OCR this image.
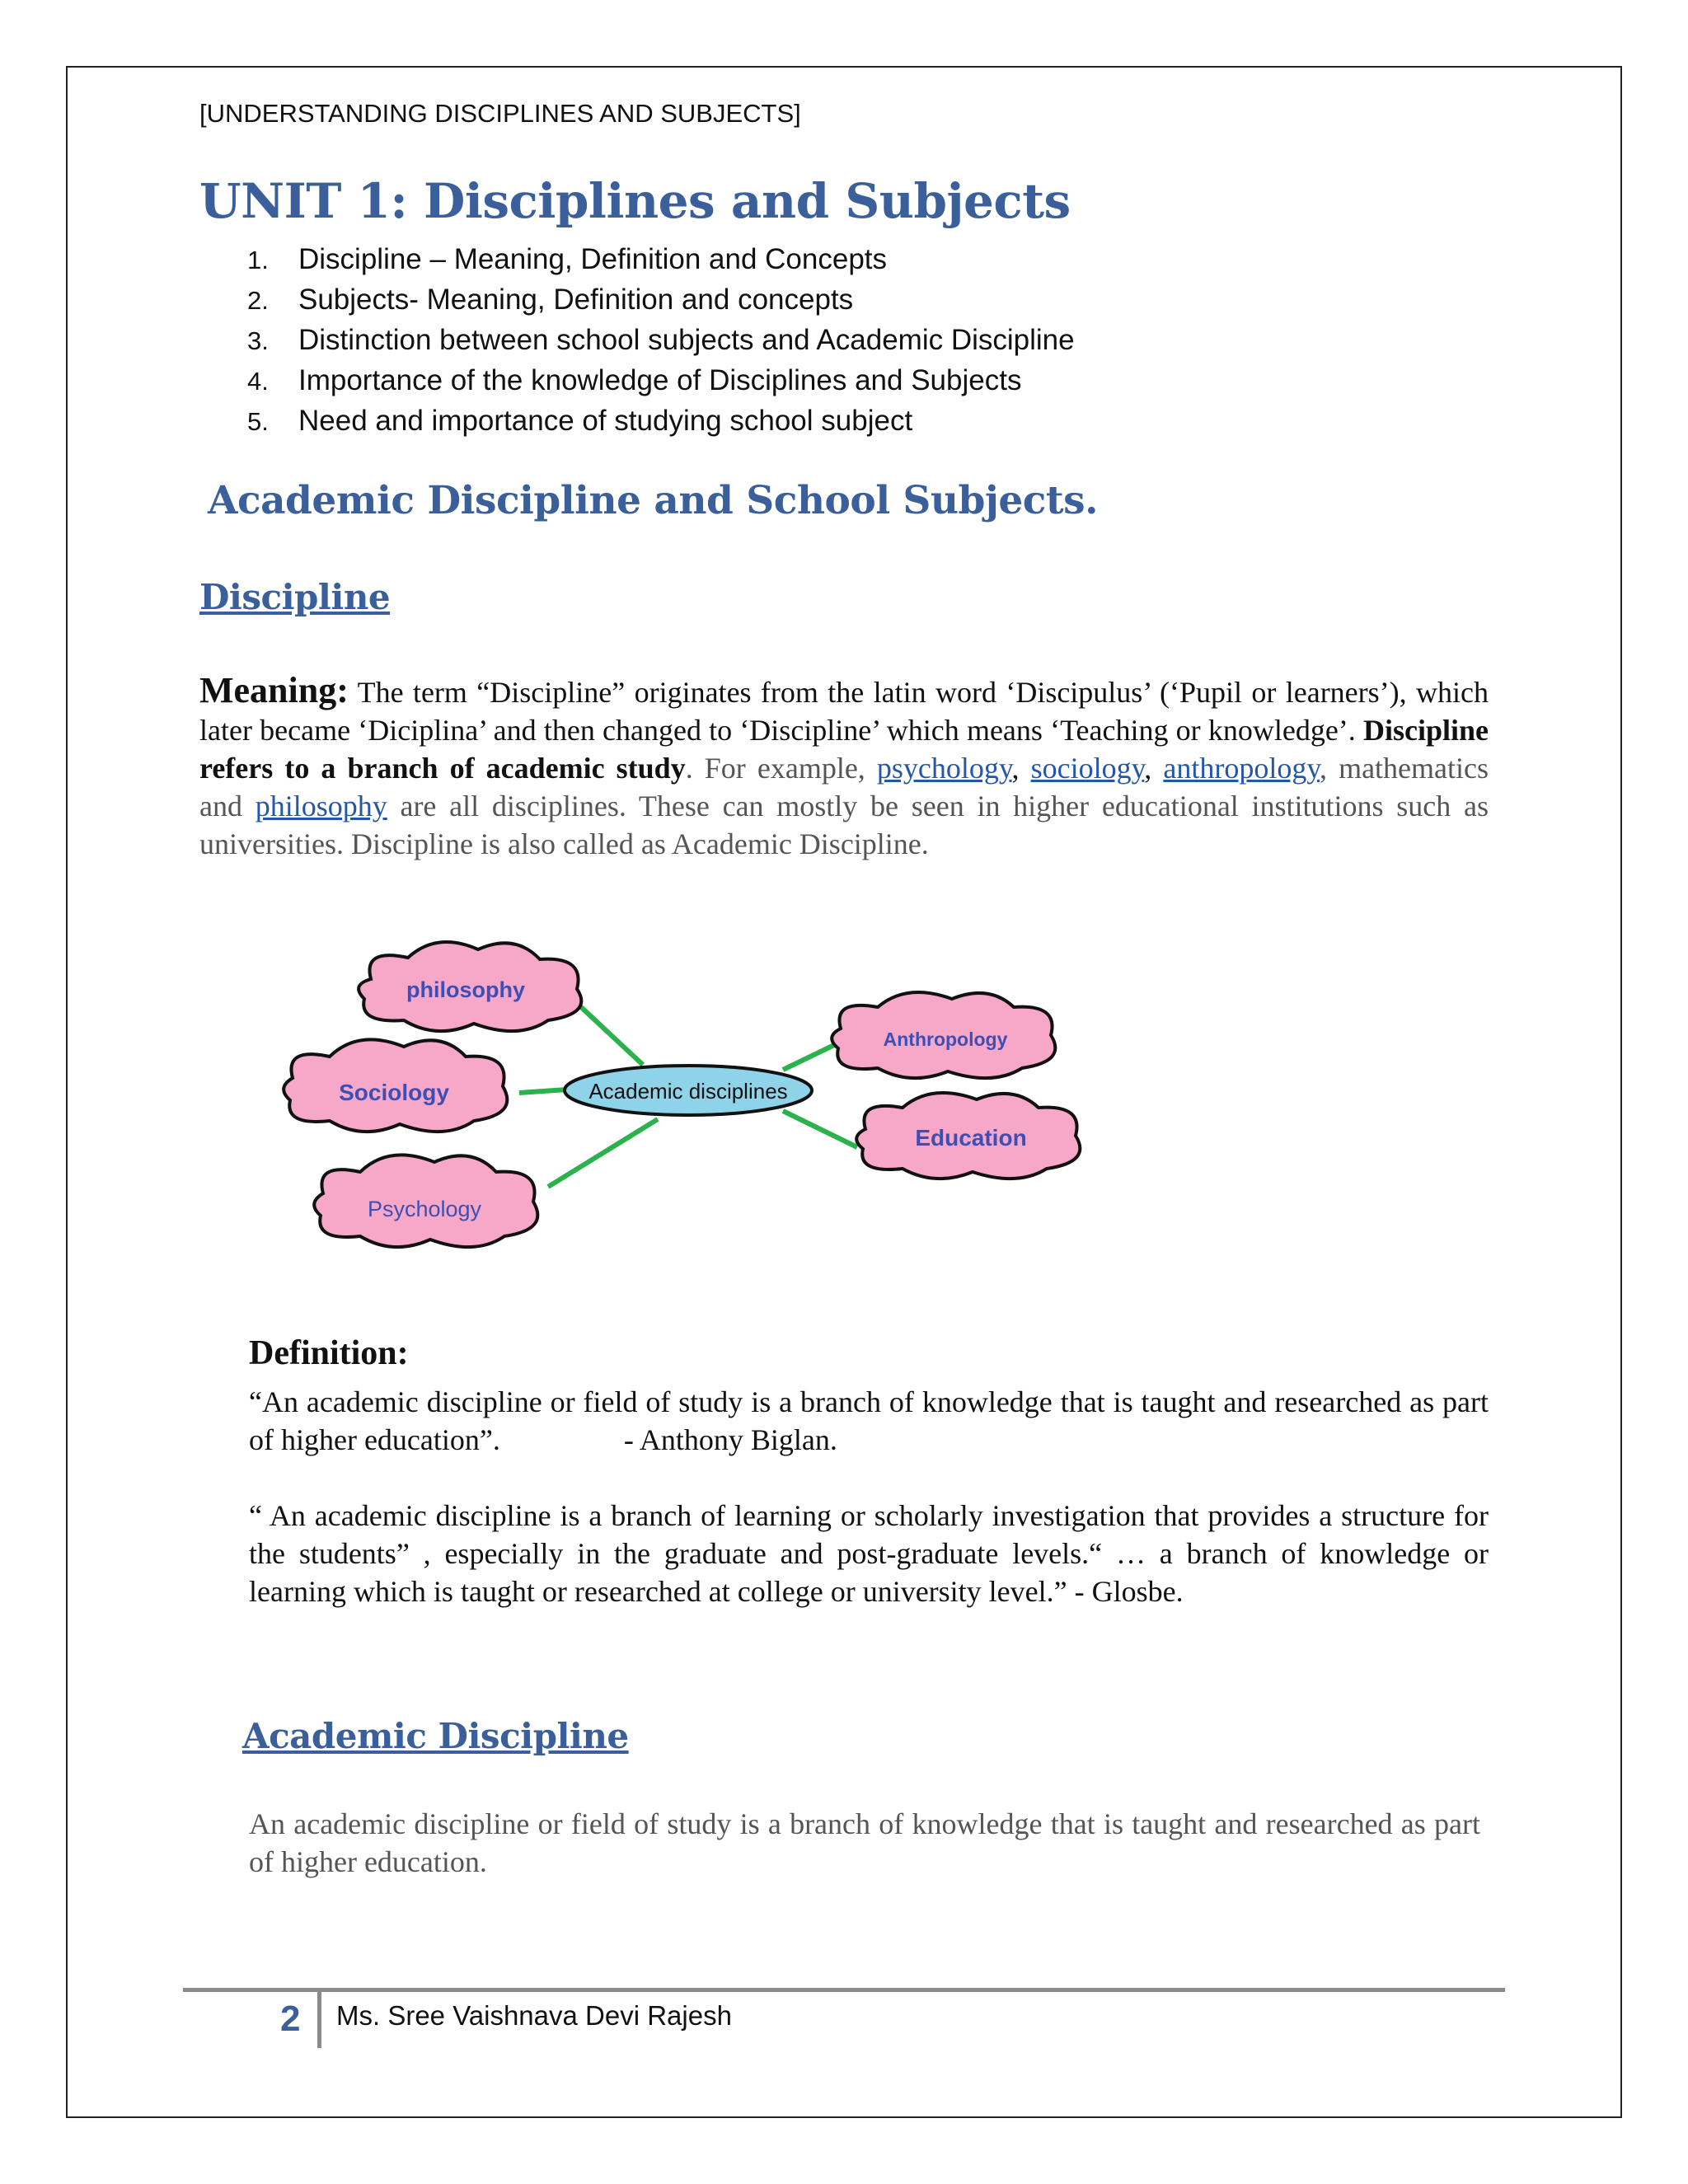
[UNDERSTANDING DISCIPLINES AND SUBJECTS]
UNIT 1: Disciplines and Subjects
1. Discipline – Meaning, Definition and Concepts
2. Subjects- Meaning, Definition and concepts
3. Distinction between school subjects and Academic Discipline
4. Importance of the knowledge of Disciplines and Subjects
5. Need and importance of studying school subject
Academic Discipline and School Subjects.
Discipline

Meaning: The term “Discipline” originates from the latin word ‘Discipulus’ (‘Pupil or learners’), which later became ‘Diciplina’ and then changed to ‘Discipline’ which means ‘Teaching or knowledge’. Discipline refers to a branch of academic study. For example, psychology, sociology, anthropology, mathematics and philosophy are all disciplines. These can mostly be seen in higher educational institutions such as universities. Discipline is also called as Academic Discipline.

Academic disciplines
philosophy
Sociology
Psychology
Anthropology
Education
Definition:

“An academic discipline or field of study is a branch of knowledge that is taught and researched as part of higher education”.	- Anthony Biglan.

“ An academic discipline is a branch of learning or scholarly investigation that provides a structure for the students” , especially in the graduate and post-graduate levels.“ … a branch of knowledge or learning which is taught or researched at college or university level.” - Glosbe.

Academic Discipline

An academic discipline or field of study is a branch of knowledge that is taught and researched as part of higher education.

2 Ms. Sree Vaishnava Devi Rajesh
